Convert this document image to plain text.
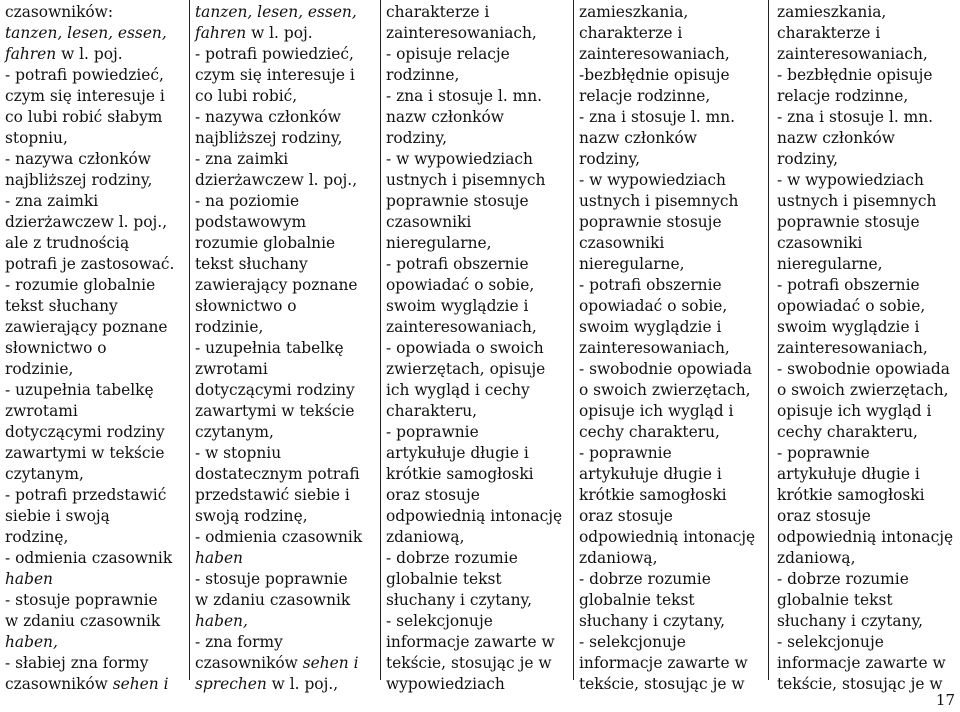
czasowników:
tanzen, lesen, essen,
fahren w l. poj.
- potrafi powiedzieć,
czym się interesuje i
co lubi robić słabym
stopniu,
- nazywa członków
najbliższej rodziny,
- zna zaimki
dzierżawczew l. poj.,
ale z trudnością
potrafi je zastosować.
- rozumie globalnie
tekst słuchany
zawierający poznane
słownictwo o
rodzinie,
- uzupełnia tabelkę
zwrotami
dotyczącymi rodziny
zawartymi w tekście
czytanym,
- potrafi przedstawić
siebie i swoją
rodzinę,
- odmienia czasownik
haben
- stosuje poprawnie
w zdaniu czasownik
haben,
- słabiej zna formy
czasowników sehen i
tanzen, lesen, essen,
fahren w l. poj.
- potrafi powiedzieć,
czym się interesuje i
co lubi robić,
- nazywa członków
najbliższej rodziny,
- zna zaimki
dzierżawczew l. poj.,
- na poziomie
podstawowym
rozumie globalnie
tekst słuchany
zawierający poznane
słownictwo o
rodzinie,
- uzupełnia tabelkę
zwrotami
dotyczącymi rodziny
zawartymi w tekście
czytanym,
- w stopniu
dostatecznym potrafi
przedstawić siebie i
swoją rodzinę,
- odmienia czasownik
haben
- stosuje poprawnie
w zdaniu czasownik
haben,
- zna formy
czasowników sehen i
sprechen w l. poj.,
charakterze i
zainteresowaniach,
- opisuje relacje
rodzinne,
- zna i stosuje l. mn.
nazw członków
rodziny,
- w wypowiedziach
ustnych i pisemnych
poprawnie stosuje
czasowniki
nieregularne,
- potrafi obszernie
opowiadać o sobie,
swoim wyglądzie i
zainteresowaniach,
- opowiada o swoich
zwierzętach, opisuje
ich wygląd i cechy
charakteru,
- poprawnie
artykułuje długie i
krótkie samogłoski
oraz stosuje
odpowiednią intonację
zdaniową,
- dobrze rozumie
globalnie tekst
słuchany i czytany,
- selekcjonuje
informacje zawarte w
tekście, stosując je w
wypowiedziach
zamieszkania,
charakterze i
zainteresowaniach,
-bezbłędnie opisuje
relacje rodzinne,
- zna i stosuje l. mn.
nazw członków
rodziny,
- w wypowiedziach
ustnych i pisemnych
poprawnie stosuje
czasowniki
nieregularne,
- potrafi obszernie
opowiadać o sobie,
swoim wyglądzie i
zainteresowaniach,
- swobodnie opowiada
o swoich zwierzętach,
opisuje ich wygląd i
cechy charakteru,
- poprawnie
artykułuje długie i
krótkie samogłoski
oraz stosuje
odpowiednią intonację
zdaniową,
- dobrze rozumie
globalnie tekst
słuchany i czytany,
- selekcjonuje
informacje zawarte w
tekście, stosując je w
zamieszkania,
charakterze i
zainteresowaniach,
- bezbłędnie opisuje
relacje rodzinne,
- zna i stosuje l. mn.
nazw członków
rodziny,
- w wypowiedziach
ustnych i pisemnych
poprawnie stosuje
czasowniki
nieregularne,
- potrafi obszernie
opowiadać o sobie,
swoim wyglądzie i
zainteresowaniach,
- swobodnie opowiada
o swoich zwierzętach,
opisuje ich wygląd i
cechy charakteru,
- poprawnie
artykułuje długie i
krótkie samogłoski
oraz stosuje
odpowiednią intonację
zdaniową,
- dobrze rozumie
globalnie tekst
słuchany i czytany,
- selekcjonuje
informacje zawarte w
tekście, stosując je w
17
